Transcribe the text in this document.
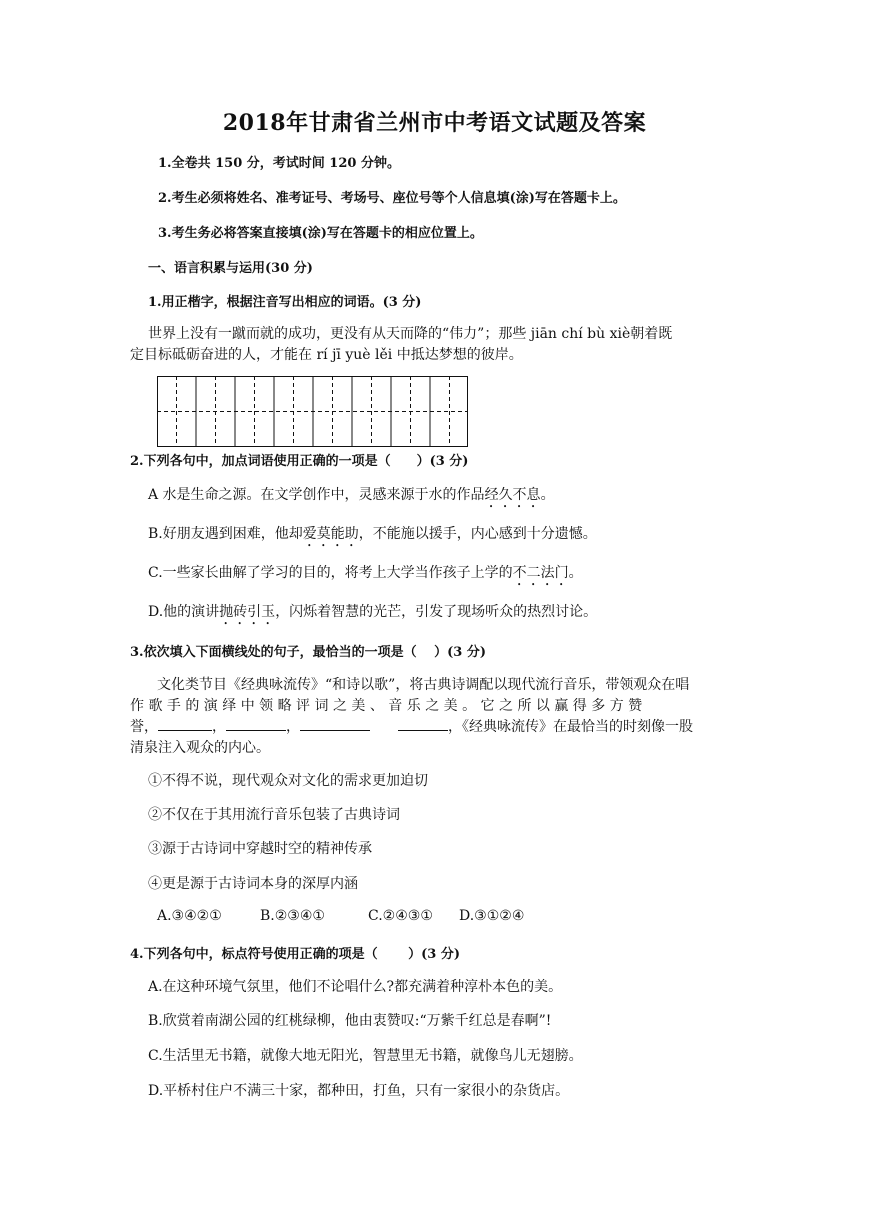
2018年甘肃省兰州市中考语文试题及答案
1.全卷共 150 分，考试时间 120 分钟。
2.考生必须将姓名、准考证号、考场号、座位号等个人信息填(涂)写在答题卡上。
3.考生务必将答案直接填(涂)写在答题卡的相应位置上。
一、语言积累与运用(30 分)
1.用正楷字，根据注音写出相应的词语。(3 分)
世界上没有一蹴而就的成功，更没有从天而降的“伟力”；那些 jiān chí bù xiè朝着既
定目标砥砺奋进的人，才能在 rí jī yuè lěi 中抵达梦想的彼岸。
2.下列各句中，加点词语使用正确的一项是（　　）(3 分)
A 水是生命之源。在文学创作中，灵感来源于水的作品经久不息。
B.好朋友遇到困难，他却爱莫能助，不能施以援手，内心感到十分遗憾。
C.一些家长曲解了学习的目的，将考上大学当作孩子上学的不二法门。
D.他的演讲抛砖引玉，闪烁着智慧的光芒，引发了现场听众的热烈讨论。
3.依次填入下面横线处的句子，最恰当的一项是（　 ）(3 分)
文化类节目《经典咏流传》“和诗以歌”，将古典诗调配以现代流行音乐，带领观众在唱
作 歌 手 的 演 绎 中 领 略 评 词 之 美 、 音 乐 之 美 。 它 之 所 以 赢 得 多 方 赞
誉，	，	，	，《经典咏流传》在最恰当的时刻像一股
清泉注入观众的内心。
①不得不说，现代观众对文化的需求更加迫切
②不仅在于其用流行音乐包装了古典诗词
③源于古诗词中穿越时空的精神传承
④更是源于古诗词本身的深厚内涵
A.③④②①	B.②③④①	C.②④③① D.③①②④
4.下列各句中，标点符号使用正确的项是（　　 ）(3 分)
A.在这种环境气氛里，他们不论唱什么?都充满着种淳朴本色的美。
B.欣赏着南湖公园的红桃绿柳，他由衷赞叹:“万紫千红总是春啊”!
C.生活里无书籍，就像大地无阳光，智慧里无书籍，就像鸟儿无翅膀。
D.平桥村住户不满三十家，都种田，打鱼，只有一家很小的杂货店。
